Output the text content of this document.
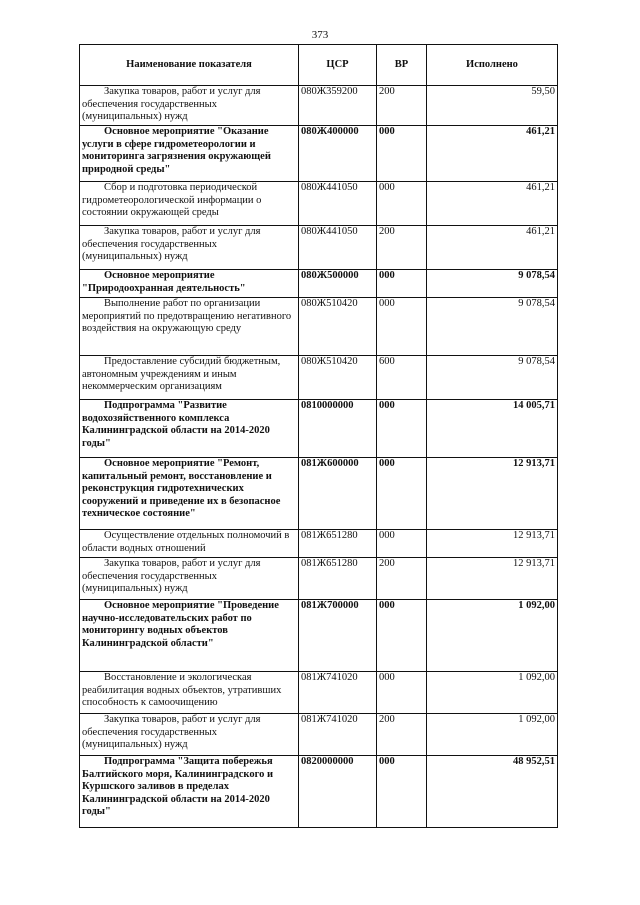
373
Наименование показателя	ЦСР	ВР	Исполнено
Закупка товаров, работ и услуг для обеспечения государственных (муниципальных) нужд	080Ж359200	200	59,50
Основное мероприятие "Оказание услуги в сфере гидрометеорологии и мониторинга загрязнения окружающей природной среды"	080Ж400000	000	461,21
Сбор и подготовка периодической гидрометеорологической информации о состоянии окружающей среды	080Ж441050	000	461,21
Закупка товаров, работ и услуг для обеспечения государственных (муниципальных) нужд	080Ж441050	200	461,21
Основное мероприятие "Природоохранная деятельность"	080Ж500000	000	9 078,54
Выполнение работ по организации мероприятий по предотвращению негативного воздействия на окружающую среду	080Ж510420	000	9 078,54
Предоставление субсидий бюджетным, автономным учреждениям и иным некоммерческим организациям	080Ж510420	600	9 078,54
Подпрограмма "Развитие водохозяйственного комплекса Калининградской области на 2014-2020 годы"	0810000000	000	14 005,71
Основное мероприятие "Ремонт, капитальный ремонт, восстановление и реконструкция гидротехнических сооружений и приведение их в безопасное техническое состояние"	081Ж600000	000	12 913,71
Осуществление отдельных полномочий в области водных отношений	081Ж651280	000	12 913,71
Закупка товаров, работ и услуг для обеспечения государственных (муниципальных) нужд	081Ж651280	200	12 913,71
Основное мероприятие "Проведение научно-исследовательских работ по мониторингу водных объектов Калининградской области"	081Ж700000	000	1 092,00
Восстановление и экологическая реабилитация водных объектов, утративших способность к самоочищению	081Ж741020	000	1 092,00
Закупка товаров, работ и услуг для обеспечения государственных (муниципальных) нужд	081Ж741020	200	1 092,00
Подпрограмма "Защита побережья Балтийского моря, Калининградского и Куршского заливов в пределах Калининградской области на 2014-2020 годы"	0820000000	000	48 952,51
